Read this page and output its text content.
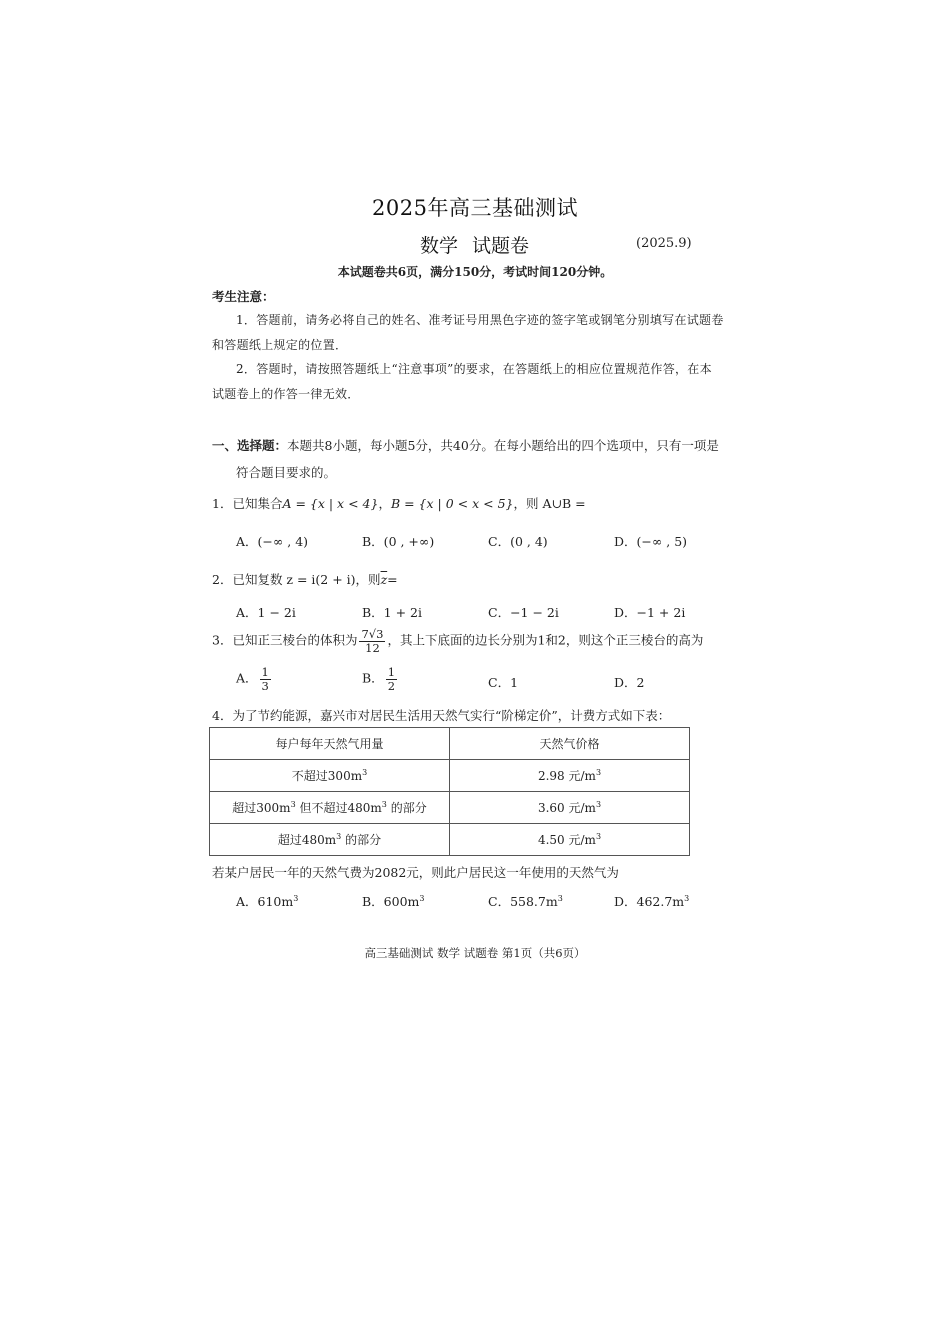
2025年高三基础测试
数学 试题卷	(2025.9)
本试题卷共6页，满分150分，考试时间120分钟。
考生注意：
1．答题前，请务必将自己的姓名、准考证号用黑色字迹的签字笔或钢笔分别填写在试题卷
和答题纸上规定的位置．
2．答题时，请按照答题纸上“注意事项”的要求，在答题纸上的相应位置规范作答，在本
试题卷上的作答一律无效．
一、选择题：本题共8小题，每小题5分，共40分。在每小题给出的四个选项中，只有一项是
符合题目要求的。
1．已知集合A = {x | x < 4}，B = {x | 0 < x < 5}，则 A∪B =
A．(−∞ , 4)	B．(0 , +∞)	C．(0 , 4)	D．(−∞ , 5)
2．已知复数 z = i(2 + i)，则$\overline{z}=$
A．1 − 2i	B．1 + 2i	C．−1 − 2i	D．−1 + 2i
3．已知正三棱台的体积为 $\frac{7√3}{12}$ ，其上下底面的边长分别为1和2，则这个正三棱台的高为
A． $\frac{1}{3}$	B． $\frac{1}{2}$	C．1	D．2
4．为了节约能源，嘉兴市对居民生活用天然气实行“阶梯定价”，计费方式如下表：
每户每年天然气用量	天然气价格
不超过$300m^3$	2.98 元$/m^3$
超过$300m^3$ 但不超过$480m^3$ 的部分	3.60 元$/m^3$
超过$480m^3$ 的部分	4.50 元$/m^3$
若某户居民一年的天然气费为2082元，则此户居民这一年使用的天然气为
A．$610m^3$	B．$600m^3$	C．$558.7m^3$	D．$462.7m^3$
高三基础测试 数学 试题卷 第1页（共6页）
